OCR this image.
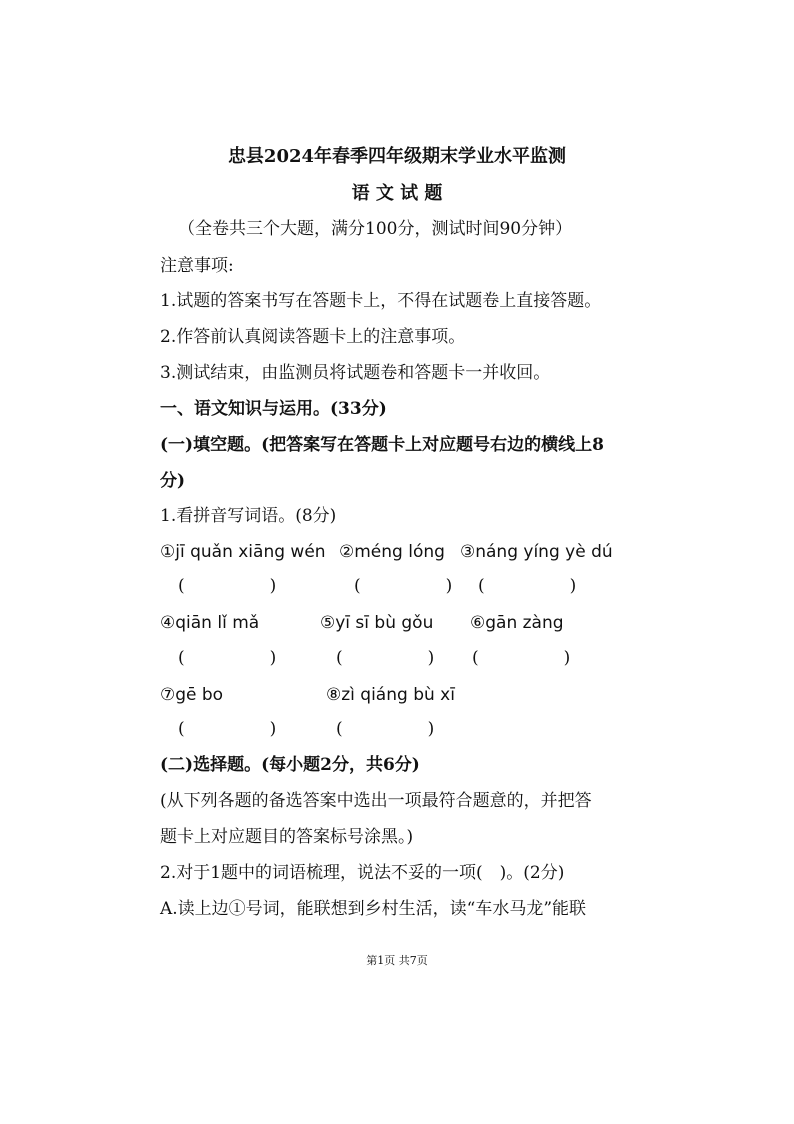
忠县2024年春季四年级期末学业水平监测
语 文 试 题
（全卷共三个大题，满分100分，测试时间90分钟）
注意事项:
1.试题的答案书写在答题卡上，不得在试题卷上直接答题。
2.作答前认真阅读答题卡上的注意事项。
3.测试结束，由监测员将试题卷和答题卡一并收回。
一、语文知识与运用。(33分)
(一)填空题。(把答案写在答题卡上对应题号右边的横线上8
分)
1.看拼音写词语。(8分)
①jī quǎn xiāng wén ②méng lóng ③náng yíng yè dú
(　　　　　)	(　　　　　) (　　　　　)
④qiān lǐ mǎ	⑤yī sī bù gǒu ⑥gān zàng
(　　　　　)	(　　　　　) (　　　　　)
⑦gē bo	⑧zì qiáng bù xī
(　　　　　)	(　　　　　)
(二)选择题。(每小题2分，共6分)
(从下列各题的备选答案中选出一项最符合题意的，并把答
题卡上对应题目的答案标号涂黑。)
2.对于1题中的词语梳理，说法不妥的一项(　)。(2分)
A.读上边①号词，能联想到乡村生活，读“车水马龙”能联
第1页 共7页
